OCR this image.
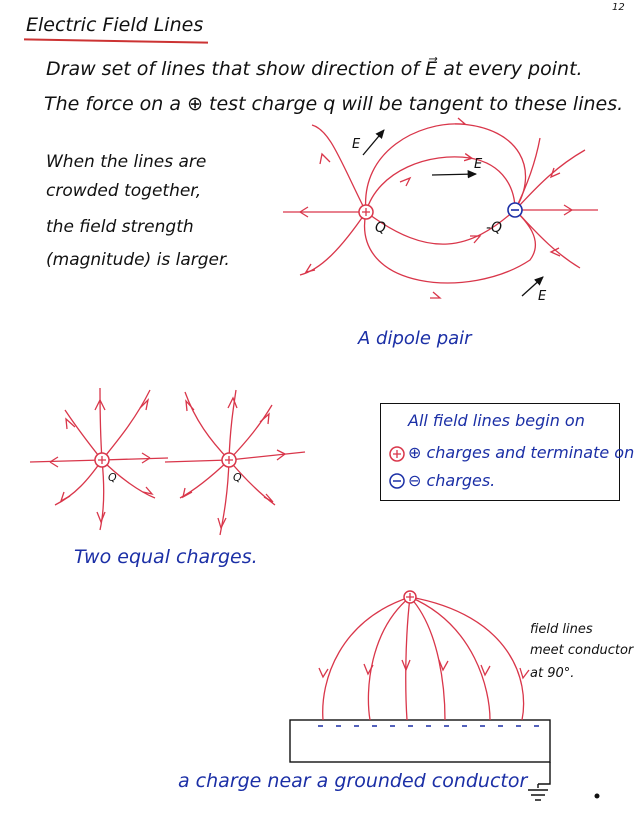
12
Electric Field Lines
Draw set of lines that show direction of E⃗ at every point.
The force on a ⊕ test charge q will be tangent to these lines.
When the lines are
crowded together,
the field strength
(magnitude) is larger.
E
E
E
Q	-Q
Q	Q
A dipole pair
All field lines begin on
⊕ charges and terminate on
⊖ charges.
Two equal charges.
field lines
meet conductor
at 90°.
a charge near a grounded conductor
